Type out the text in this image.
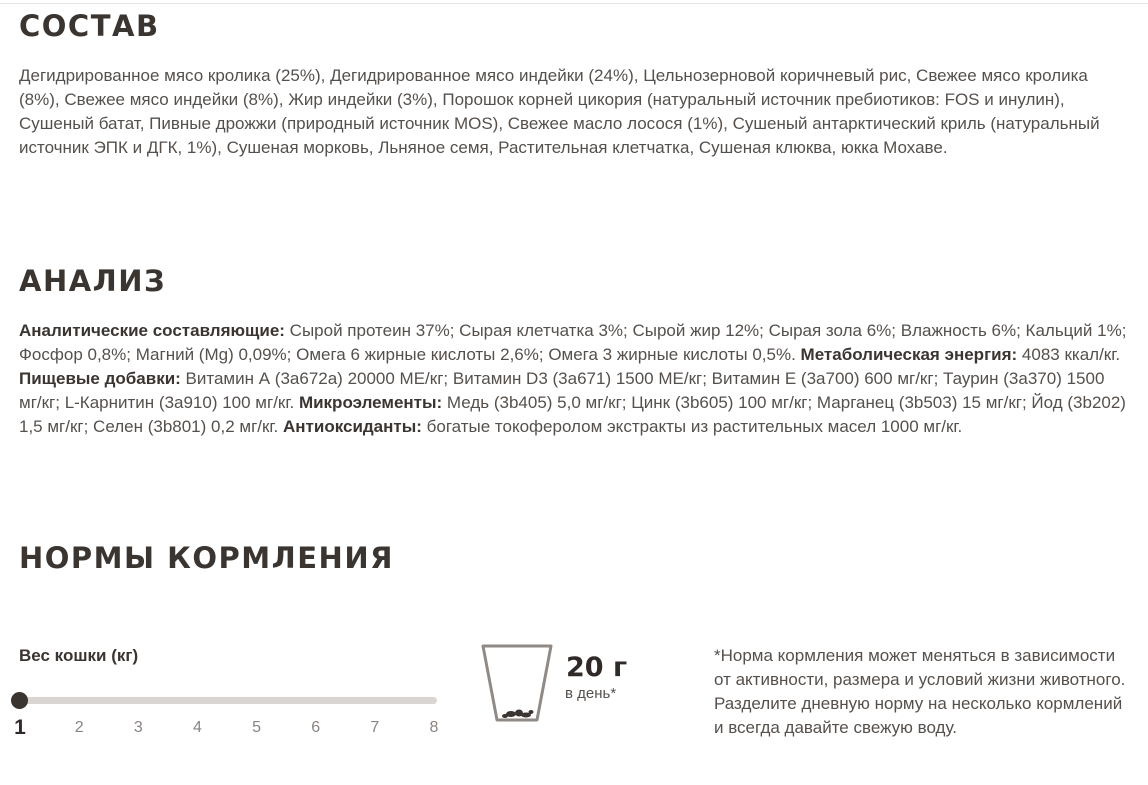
СОСТАВ

Дегидрированное мясо кролика (25%), Дегидрированное мясо индейки (24%), Цельнозерновой коричневый рис, Свежее мясо кролика (8%), Свежее мясо индейки (8%), Жир индейки (3%), Порошок корней цикория (натуральный источник пребиотиков: FOS и инулин), Сушеный батат, Пивные дрожжи (природный источник MOS), Свежее масло лосося (1%), Сушеный антарктический криль (натуральный источник ЭПК и ДГК, 1%), Сушеная морковь, Льняное семя, Растительная клетчатка, Сушеная клюква, юкка Мохаве.

АНАЛИЗ

Аналитические составляющие: Сырой протеин 37%; Сырая клетчатка 3%; Сырой жир 12%; Сырая зола 6%; Влажность 6%; Кальций 1%; Фосфор 0,8%; Магний (Mg) 0,09%; Омега 6 жирные кислоты 2,6%; Омега 3 жирные кислоты 0,5%. Метаболическая энергия: 4083 ккал/кг. Пищевые добавки: Витамин А (3а672а) 20000 МЕ/кг; Витамин D3 (3а671) 1500 МЕ/кг; Витамин Е (3а700) 600 мг/кг; Таурин (3а370) 1500 мг/кг; L-Карнитин (3а910) 100 мг/кг. Микроэлементы: Медь (3b405) 5,0 мг/кг; Цинк (3b605) 100 мг/кг; Марганец (3b503) 15 мг/кг; Йод (3b202) 1,5 мг/кг; Селен (3b801) 0,2 мг/кг. Антиоксиданты: богатые токоферолом экстракты из растительных масел 1000 мг/кг.

НОРМЫ КОРМЛЕНИЯ
Вес кошки (кг)
1	2	3	4	5	6	7	8
20 г
в день*

*Норма кормления может меняться в зависимости от активности, размера и условий жизни животного. Разделите дневную норму на несколько кормлений и всегда давайте свежую воду.
